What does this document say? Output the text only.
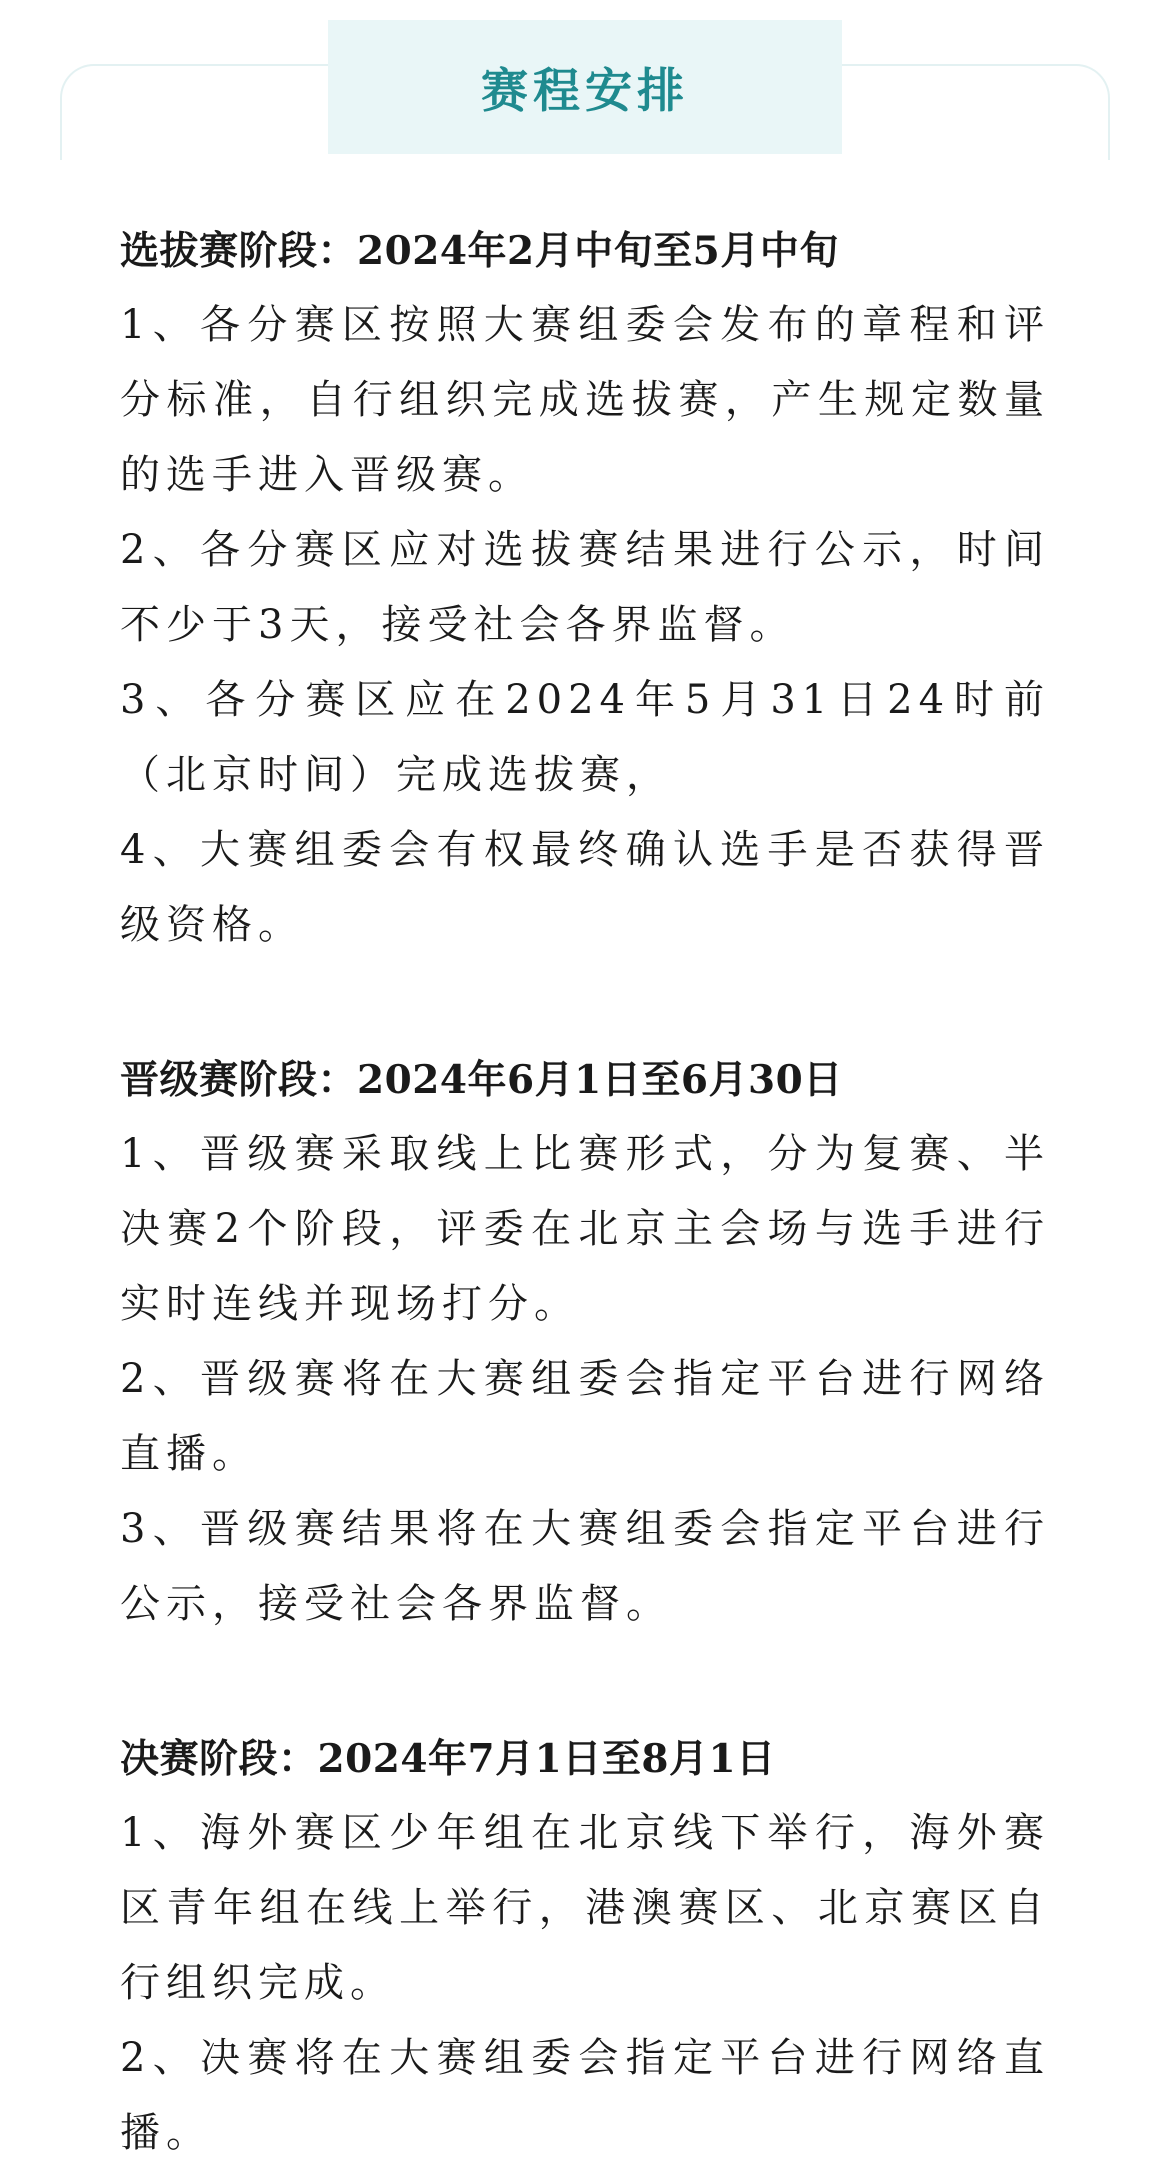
赛程安排

选拔赛阶段：2024年2月中旬至5月中旬

1、各分赛区按照大赛组委会发布的章程和评分标准，自行组织完成选拔赛，产生规定数量的选手进入晋级赛。

2、各分赛区应对选拔赛结果进行公示，时间不少于3天，接受社会各界监督。

3、各分赛区应在2024年5月31日24时前（北京时间）完成选拔赛，

4、大赛组委会有权最终确认选手是否获得晋级资格。

晋级赛阶段：2024年6月1日至6月30日

1、晋级赛采取线上比赛形式，分为复赛、半决赛2个阶段，评委在北京主会场与选手进行实时连线并现场打分。

2、晋级赛将在大赛组委会指定平台进行网络直播。

3、晋级赛结果将在大赛组委会指定平台进行公示，接受社会各界监督。

决赛阶段：2024年7月1日至8月1日

1、海外赛区少年组在北京线下举行，海外赛区青年组在线上举行，港澳赛区、北京赛区自行组织完成。

2、决赛将在大赛组委会指定平台进行网络直播。
